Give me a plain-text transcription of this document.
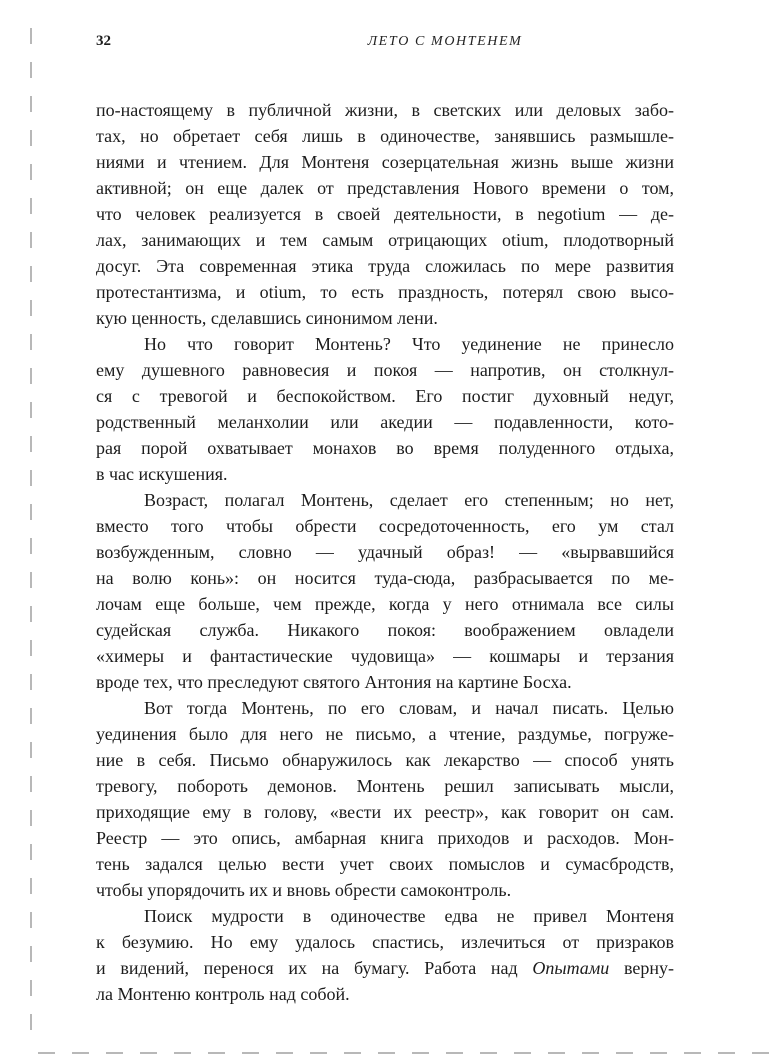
32	ЛЕТО С МОНТЕНЕМ
по-настоящему в публичной жизни, в светских или деловых забо-
тах, но обретает себя лишь в одиночестве, занявшись размышле-
ниями и чтением. Для Монтеня созерцательная жизнь выше жизни
активной; он еще далек от представления Нового времени о том,
что человек реализуется в своей деятельности, в negotium — де-
лах, занимающих и тем самым отрицающих otium, плодотворный
досуг. Эта современная этика труда сложилась по мере развития
протестантизма, и otium, то есть праздность, потерял свою высо-
кую ценность, сделавшись синонимом лени.
Но что говорит Монтень? Что уединение не принесло
ему душевного равновесия и покоя — напротив, он столкнул-
ся с тревогой и беспокойством. Его постиг духовный недуг,
родственный меланхолии или акедии — подавленности, кото-
рая порой охватывает монахов во время полуденного отдыха,
в час искушения.
Возраст, полагал Монтень, сделает его степенным; но нет,
вместо того чтобы обрести сосредоточенность, его ум стал
возбужденным, словно — удачный образ! — «вырвавшийся
на волю конь»: он носится туда-сюда, разбрасывается по ме-
лочам еще больше, чем прежде, когда у него отнимала все силы
судейская служба. Никакого покоя: воображением овладели
«химеры и фантастические чудовища» — кошмары и терзания
вроде тех, что преследуют святого Антония на картине Босха.
Вот тогда Монтень, по его словам, и начал писать. Целью
уединения было для него не письмо, а чтение, раздумье, погруже-
ние в себя. Письмо обнаружилось как лекарство — способ унять
тревогу, побороть демонов. Монтень решил записывать мысли,
приходящие ему в голову, «вести их реестр», как говорит он сам.
Реестр — это опись, амбарная книга приходов и расходов. Мон-
тень задался целью вести учет своих помыслов и сумасбродств,
чтобы упорядочить их и вновь обрести самоконтроль.
Поиск мудрости в одиночестве едва не привел Монтеня
к безумию. Но ему удалось спастись, излечиться от призраков
и видений, перенося их на бумагу. Работа над Опытами верну-
ла Монтеню контроль над собой.
